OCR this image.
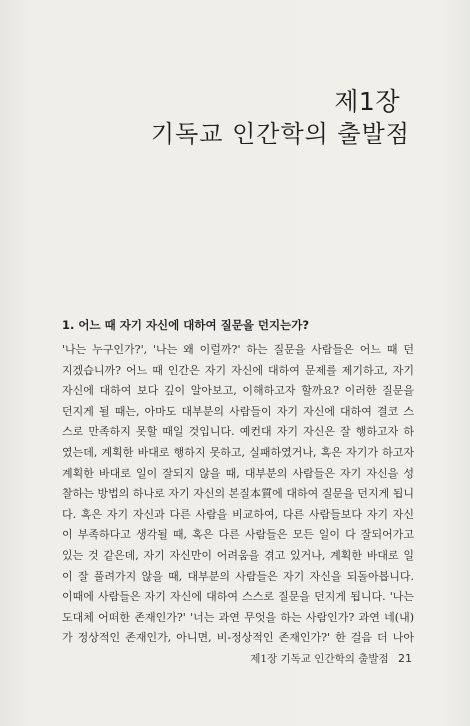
제1장
기독교 인간학의 출발점
1. 어느 때 자기 자신에 대하여 질문을 던지는가?
'나는 누구인가?', '나는 왜 이럴까?' 하는 질문을 사람들은 어느 때 던
지겠습니까? 어느 때 인간은 자기 자신에 대하여 문제를 제기하고, 자기
자신에 대하여 보다 깊이 알아보고, 이해하고자 할까요? 이러한 질문을
던지게 될 때는, 아마도 대부분의 사람들이 자기 자신에 대하여 결코 스
스로 만족하지 못할 때일 것입니다. 예컨대 자기 자신은 잘 행하고자 하
였는데, 계획한 바대로 행하지 못하고, 실패하였거나, 혹은 자기가 하고자
계획한 바대로 일이 잘되지 않을 때, 대부분의 사람들은 자기 자신을 성
찰하는 방법의 하나로 자기 자신의 본질本質에 대하여 질문을 던지게 됩니
다. 혹은 자기 자신과 다른 사람을 비교하여, 다른 사람들보다 자기 자신
이 부족하다고 생각될 때, 혹은 다른 사람들은 모든 일이 다 잘되어가고
있는 것 같은데, 자기 자신만이 어려움을 겪고 있거나, 계획한 바대로 일
이 잘 풀려가지 않을 때, 대부분의 사람들은 자기 자신을 되돌아봅니다.
이때에 사람들은 자기 자신에 대하여 스스로 질문을 던지게 됩니다. '나는
도대체 어떠한 존재인가?' '너는 과연 무엇을 하는 사람인가? 과연 네(내)
가 정상적인 존재인가, 아니면, 비-정상적인 존재인가?' 한 걸음 더 나아
제1장 기독교 인간학의 출발점 21
